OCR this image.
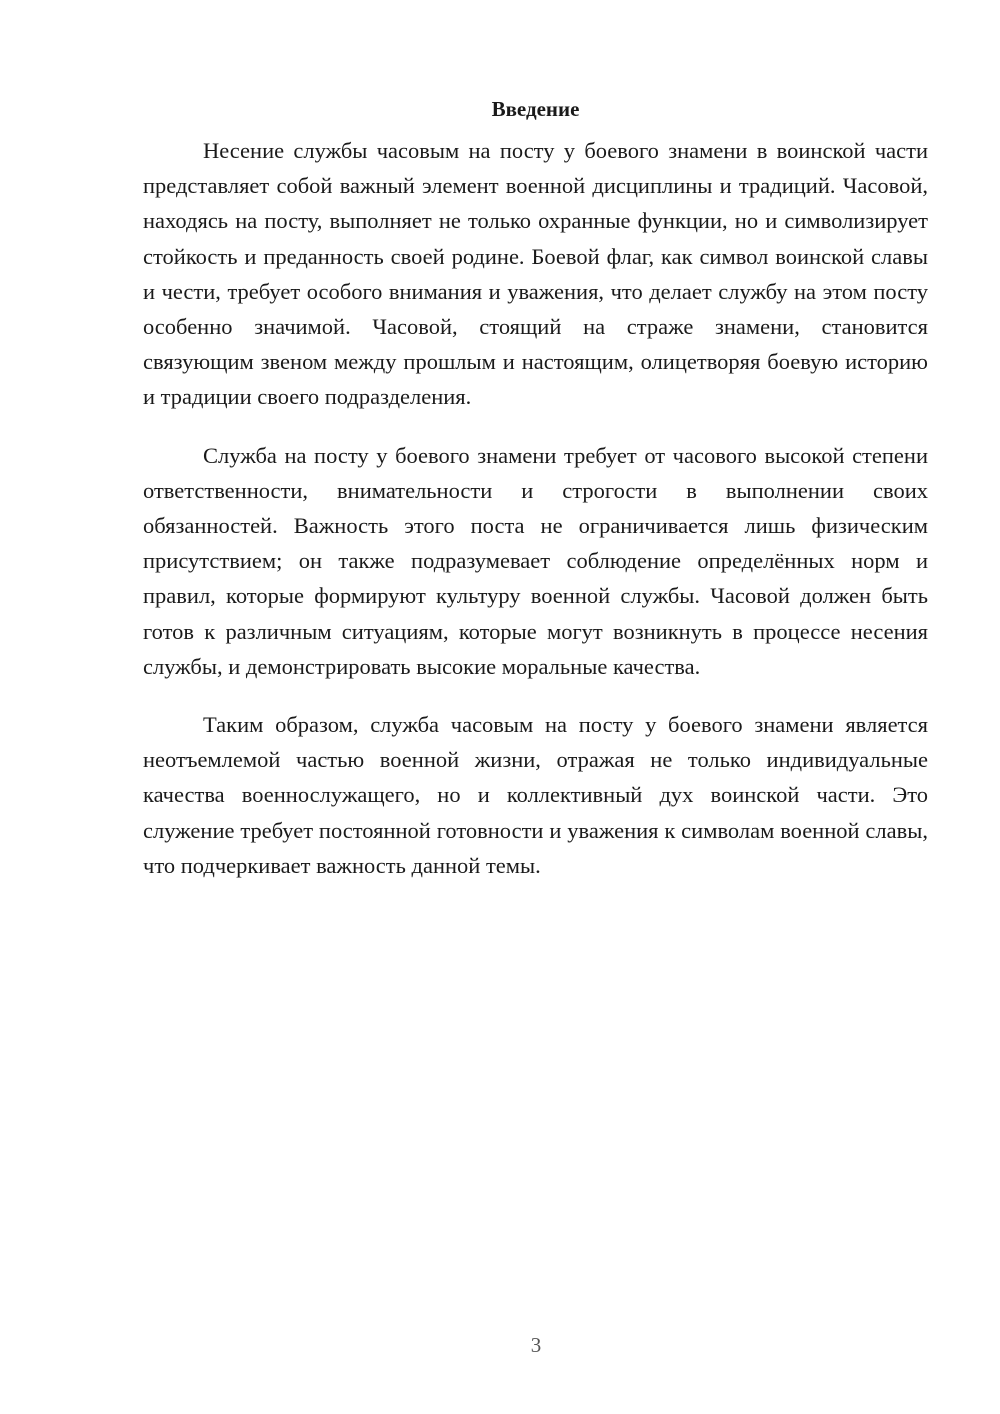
Введение

Несение службы часовым на посту у боевого знамени в воинской части представляет собой важный элемент военной дисциплины и традиций. Часовой, находясь на посту, выполняет не только охранные функции, но и символизирует стойкость и преданность своей родине. Боевой флаг, как символ воинской славы и чести, требует особого внимания и уважения, что делает службу на этом посту особенно значимой. Часовой, стоящий на страже знамени, становится связующим звеном между прошлым и настоящим, олицетворяя боевую историю и традиции своего подразделения.

Служба на посту у боевого знамени требует от часового высокой степени ответственности, внимательности и строгости в выполнении своих обязанностей. Важность этого поста не ограничивается лишь физическим присутствием; он также подразумевает соблюдение определённых норм и правил, которые формируют культуру военной службы. Часовой должен быть готов к различным ситуациям, которые могут возникнуть в процессе несения службы, и демонстрировать высокие моральные качества.

Таким образом, служба часовым на посту у боевого знамени является неотъемлемой частью военной жизни, отражая не только индивидуальные качества военнослужащего, но и коллективный дух воинской части. Это служение требует постоянной готовности и уважения к символам военной славы, что подчеркивает важность данной темы.

3
